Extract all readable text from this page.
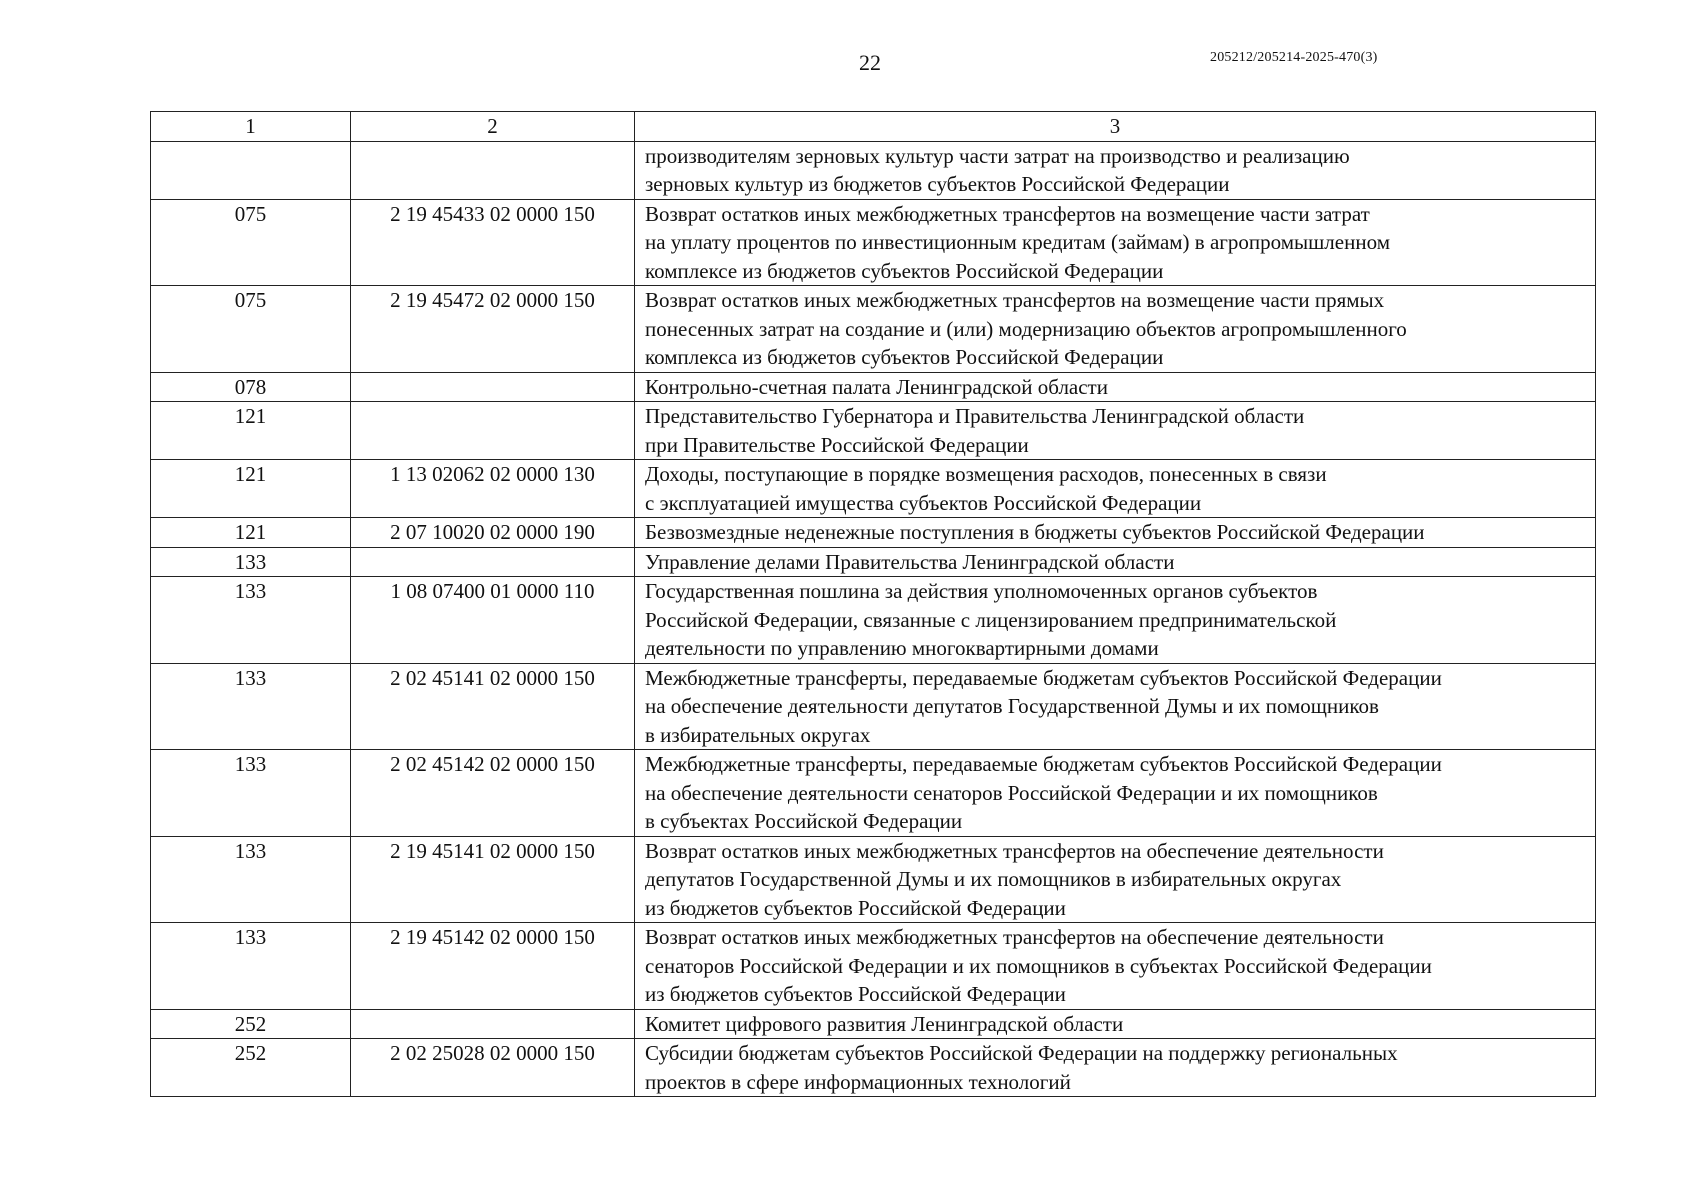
22	205212/205214-2025-470(3)
1	2	3

		производителям зерновых культур части затрат на производство и реализацию
зерновых культур из бюджетов субъектов Российской Федерации

075	2 19 45433 02 0000 150	Возврат остатков иных межбюджетных трансфертов на возмещение части затрат
на уплату процентов по инвестиционным кредитам (займам) в агропромышленном
комплексе из бюджетов субъектов Российской Федерации

075	2 19 45472 02 0000 150	Возврат остатков иных межбюджетных трансфертов на возмещение части прямых
понесенных затрат на создание и (или) модернизацию объектов агропромышленного
комплекса из бюджетов субъектов Российской Федерации

078		Контрольно-счетная палата Ленинградской области

121		Представительство Губернатора и Правительства Ленинградской области
при Правительстве Российской Федерации

121	1 13 02062 02 0000 130	Доходы, поступающие в порядке возмещения расходов, понесенных в связи
с эксплуатацией имущества субъектов Российской Федерации

121	2 07 10020 02 0000 190	Безвозмездные неденежные поступления в бюджеты субъектов Российской Федерации

133		Управление делами Правительства Ленинградской области

133	1 08 07400 01 0000 110	Государственная пошлина за действия уполномоченных органов субъектов
Российской Федерации, связанные с лицензированием предпринимательской
деятельности по управлению многоквартирными домами

133	2 02 45141 02 0000 150	Межбюджетные трансферты, передаваемые бюджетам субъектов Российской Федерации
на обеспечение деятельности депутатов Государственной Думы и их помощников
в избирательных округах

133	2 02 45142 02 0000 150	Межбюджетные трансферты, передаваемые бюджетам субъектов Российской Федерации
на обеспечение деятельности сенаторов Российской Федерации и их помощников
в субъектах Российской Федерации

133	2 19 45141 02 0000 150	Возврат остатков иных межбюджетных трансфертов на обеспечение деятельности
депутатов Государственной Думы и их помощников в избирательных округах
из бюджетов субъектов Российской Федерации

133	2 19 45142 02 0000 150	Возврат остатков иных межбюджетных трансфертов на обеспечение деятельности
сенаторов Российской Федерации и их помощников в субъектах Российской Федерации
из бюджетов субъектов Российской Федерации

252		Комитет цифрового развития Ленинградской области

252	2 02 25028 02 0000 150	Субсидии бюджетам субъектов Российской Федерации на поддержку региональных
проектов в сфере информационных технологий
